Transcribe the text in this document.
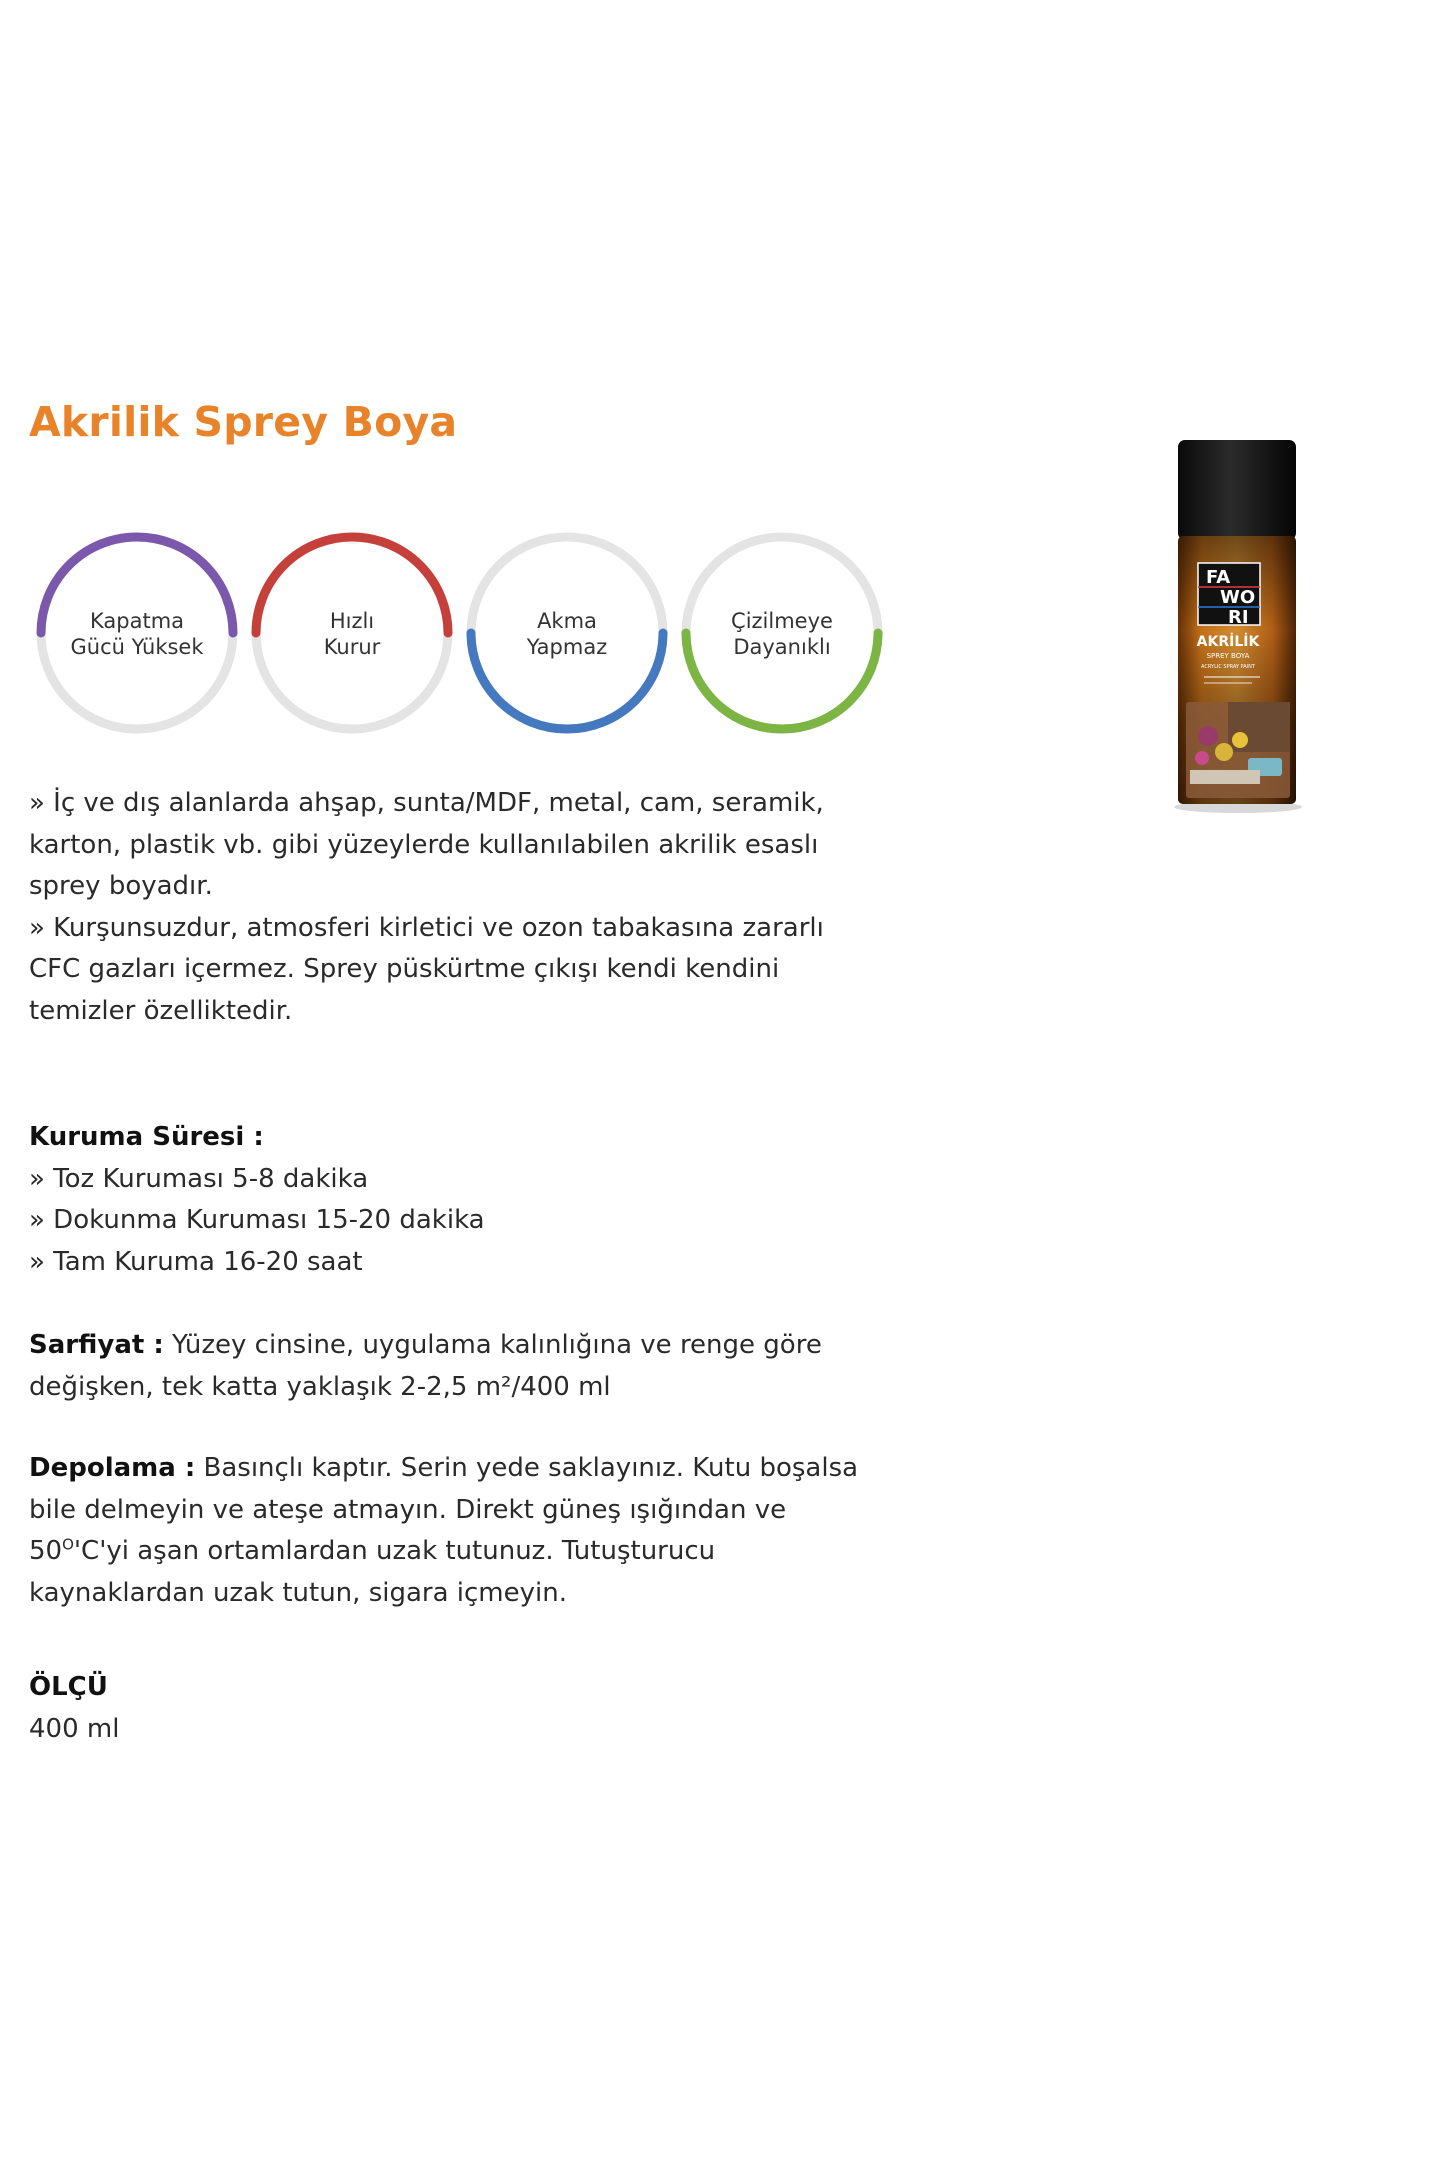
Akrilik Sprey Boya
Kapatma
Gücü Yüksek
Hızlı
Kurur
Akma
Yapmaz
Çizilmeye
Dayanıklı

» İç ve dış alanlarda ahşap, sunta/MDF, metal, cam, seramik,

karton, plastik vb. gibi yüzeylerde kullanılabilen akrilik esaslı

sprey boyadır.

» Kurşunsuzdur, atmosferi kirletici ve ozon tabakasına zararlı

CFC gazları içermez. Sprey püskürtme çıkışı kendi kendini

temizler özelliktedir.

Kuruma Süresi :

» Toz Kuruması 5-8 dakika

» Dokunma Kuruması 15-20 dakika

» Tam Kuruma 16-20 saat

Sarfiyat : Yüzey cinsine, uygulama kalınlığına ve renge göre

değişken, tek katta yaklaşık 2-2,5 m²/400 ml

Depolama : Basınçlı kaptır. Serin yede saklayınız. Kutu boşalsa

bile delmeyin ve ateşe atmayın. Direkt güneş ışığından ve

$50^O'C'yi$ aşan ortamlardan uzak tutunuz. Tutuşturucu

kaynaklardan uzak tutun, sigara içmeyin.

ÖLÇÜ

400 ml

FA
WO
RI
AKRİLİK
SPREY BOYA
ACRYLIC SPRAY PAINT
